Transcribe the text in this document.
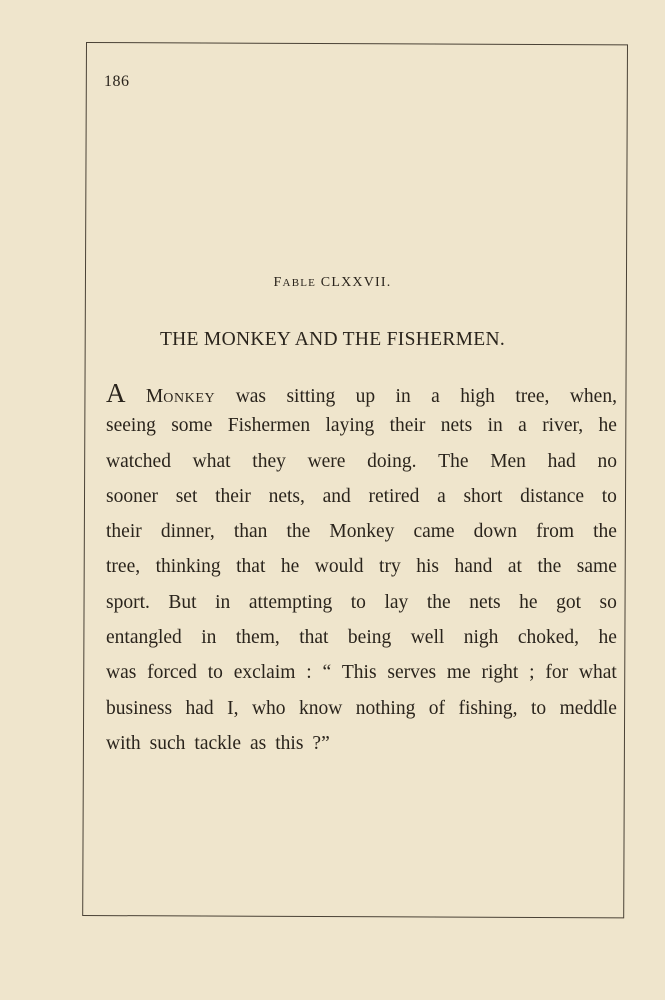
186
FABLE CLXXVII.
THE MONKEY AND THE FISHERMEN.
A MONKEY was sitting up in a high tree, when,
seeing some Fishermen laying their nets in a river, he
watched what they were doing. The Men had no
sooner set their nets, and retired a short distance to
their dinner, than the Monkey came down from the
tree, thinking that he would try his hand at the same
sport. But in attempting to lay the nets he got so
entangled in them, that being well nigh choked, he
was forced to exclaim : “ This serves me right ; for what
business had I, who know nothing of fishing, to meddle
with such tackle as this ?”
